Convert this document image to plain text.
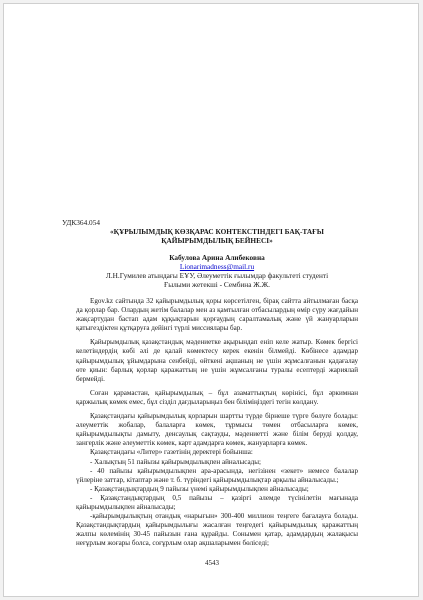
УДК364.054
«ҚҰРЫЛЫМДЫҚ КӨЗҚАРАС КОНТЕКСТІНДЕГІ БАҚ-ТАҒЫ ҚАЙЫРЫМДЫЛЫҚ БЕЙНЕСІ»
Кабулова Арина Алибековна
Lionarimadness@mail.ru
Л.Н.Гумилев атындағы ЕҰУ, Әлеуметтік ғылымдар факультеті студенті
Ғылыми жетекші - Сембина Ж.Ж.

Egov.kz сайтында 32 қайырымдылық қоры көрсетілген, бірақ сайтта айтылмаған басқа да қорлар бар. Олардың жетім балалар мен аз қамтылған отбасылардың өмір сүру жағдайын жақсартудан бастап адам құқықтарын қорғаудың саралтамалық және үй жануарларын қатыгездіктен құтқаруға дейінгі түрлі миссиялары бар.

Қайырымдылық қазақстандық мәдениетке ақырындап еніп келе жатыр. Көмек бергісі келетіндердің көбі әлі де қалай көмектесу керек екенін білмейді. Көбінесе адамдар қайырымдылық ұйымдарына сенбейді, өйткені ақшаның не үшін жұмсалғанын қадағалау өте қиын: барлық қорлар қаражаттың не үшін жұмсалғаны туралы есептерді жариялай бермейді.

Соған қарамастан, қайырымдылық – бұл азаматтықтың көрінісі, бұл әркимнан қаржылық көмек емес, бұл сізділ дағдыларыңыз бен біліміңіздегі тегін көлдану.

Қазақстандағы қайырымдылық қорларын шартты түрде бірнеше түрге бөлуге болады: әлеуметтік жобалар, балаларға көмек, тұрмысы төмен отбасыларға көмек, қайырымдылықты дамыту, денсаулық сақтауды, мәдениетті және білім беруді қолдау, зангерлік және әлеуметтік көмек, карт адамдарға көмек, жануарларға көмек.

Қазақстандағы «Литер» газетінің деректері бойынша:

- Халықтың 51 пайызы қайырымдылықпен айналысады;

- 40 пайызы қайырымдылықпен ара-арасында, негізінен «зекет» немесе балалар үйлеріне заттар, кітаптар және т. б. түріндегі қайырымдылықтар арқылы айналысады.;

- Қазақстандықтардың 9 пайызы үнемі қайырымдылықпен айналысады;

- Қазақстандықтардың 0,5 пайызы – қазіргі әлемде түсінілетін мағынада қайырымдылықпен айналысады;

-қайырымдылықтың отандық «нарығын» 300-400 миллион теңгеге бағалауға болады. Қазақстандықтардың қайырымдылығы жасалған теңгедегі қайырымдылық қаражаттың жалпы көлемінің 30-45 пайызын ғана құрайды. Сонымен қатар, адамдардың жалақысы неғұрлым жоғары болса, соғұрлым олар ақшаларымен бөліседі;

4543
